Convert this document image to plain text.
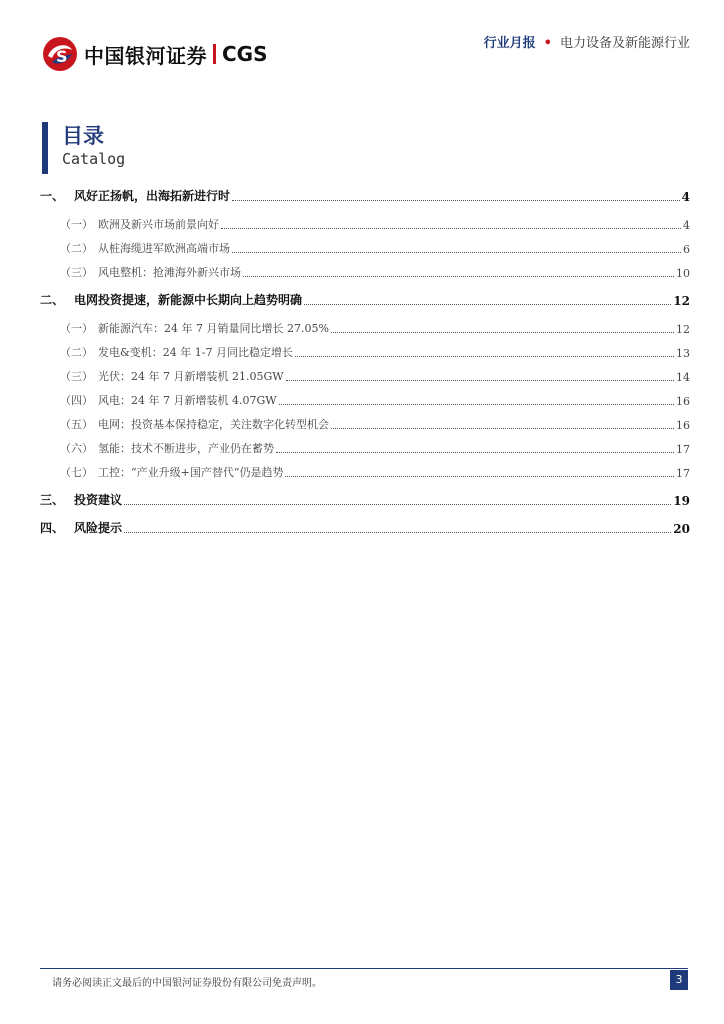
S 中国银河证券 CGS	行业月报 • 电力设备及新能源行业
目录
Catalog
一、 风好正扬帆，出海拓新进行时	4
（一） 欧洲及新兴市场前景向好	4
（二） 从桩海缆进军欧洲高端市场	6
（三） 风电整机：抢滩海外新兴市场	10
二、 电网投资提速，新能源中长期向上趋势明确	12
（一） 新能源汽车：24 年 7 月销量同比增长 27.05%	12
（二） 发电&变机：24 年 1-7 月同比稳定增长	13
（三） 光伏：24 年 7 月新增装机 21.05GW	14
（四） 风电：24 年 7 月新增装机 4.07GW	16
（五） 电网：投资基本保持稳定，关注数字化转型机会	16
（六） 氢能：技术不断进步，产业仍在蓄势	17
（七） 工控：“产业升级+国产替代”仍是趋势	17
三、 投资建议	19
四、 风险提示	20
请务必阅读正文最后的中国银河证券股份有限公司免责声明。	3
